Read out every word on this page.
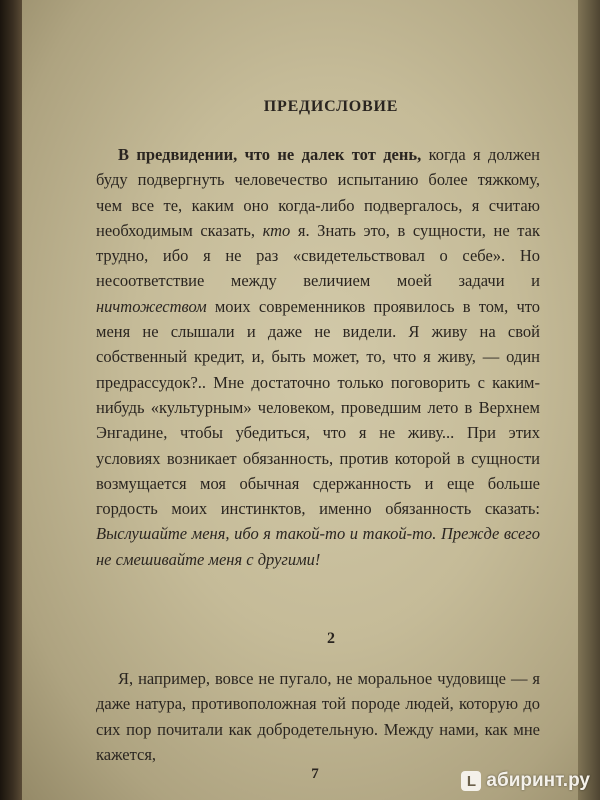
ПРЕДИСЛОВИЕ

В предвидении, что не далек тот день, когда я должен буду подвергнуть человечество испытанию более тяжкому, чем все те, каким оно когда-либо подвергалось, я считаю необходимым сказать, кто я. Знать это, в сущности, не так трудно, ибо я не раз «свидетельствовал о себе». Но несоответствие между величием моей задачи и ничтожеством моих современников проявилось в том, что меня не слышали и даже не видели. Я живу на свой собственный кредит, и, быть может, то, что я живу, — один предрассудок?.. Мне достаточно только поговорить с каким-нибудь «культурным» человеком, проведшим лето в Верхнем Энгадине, чтобы убедиться, что я не живу... При этих условиях возникает обязанность, против которой в сущности возмущается моя обычная сдержанность и еще больше гордость моих инстинктов, именно обязанность сказать: Выслушайте меня, ибо я такой-то и такой-то. Прежде всего не смешивайте меня с другими!

2

Я, например, вовсе не пугало, не моральное чудовище — я даже натура, противоположная той породе людей, которую до сих пор почитали как добродетельную. Между нами, как мне кажется,

7	L абиринт.ру
